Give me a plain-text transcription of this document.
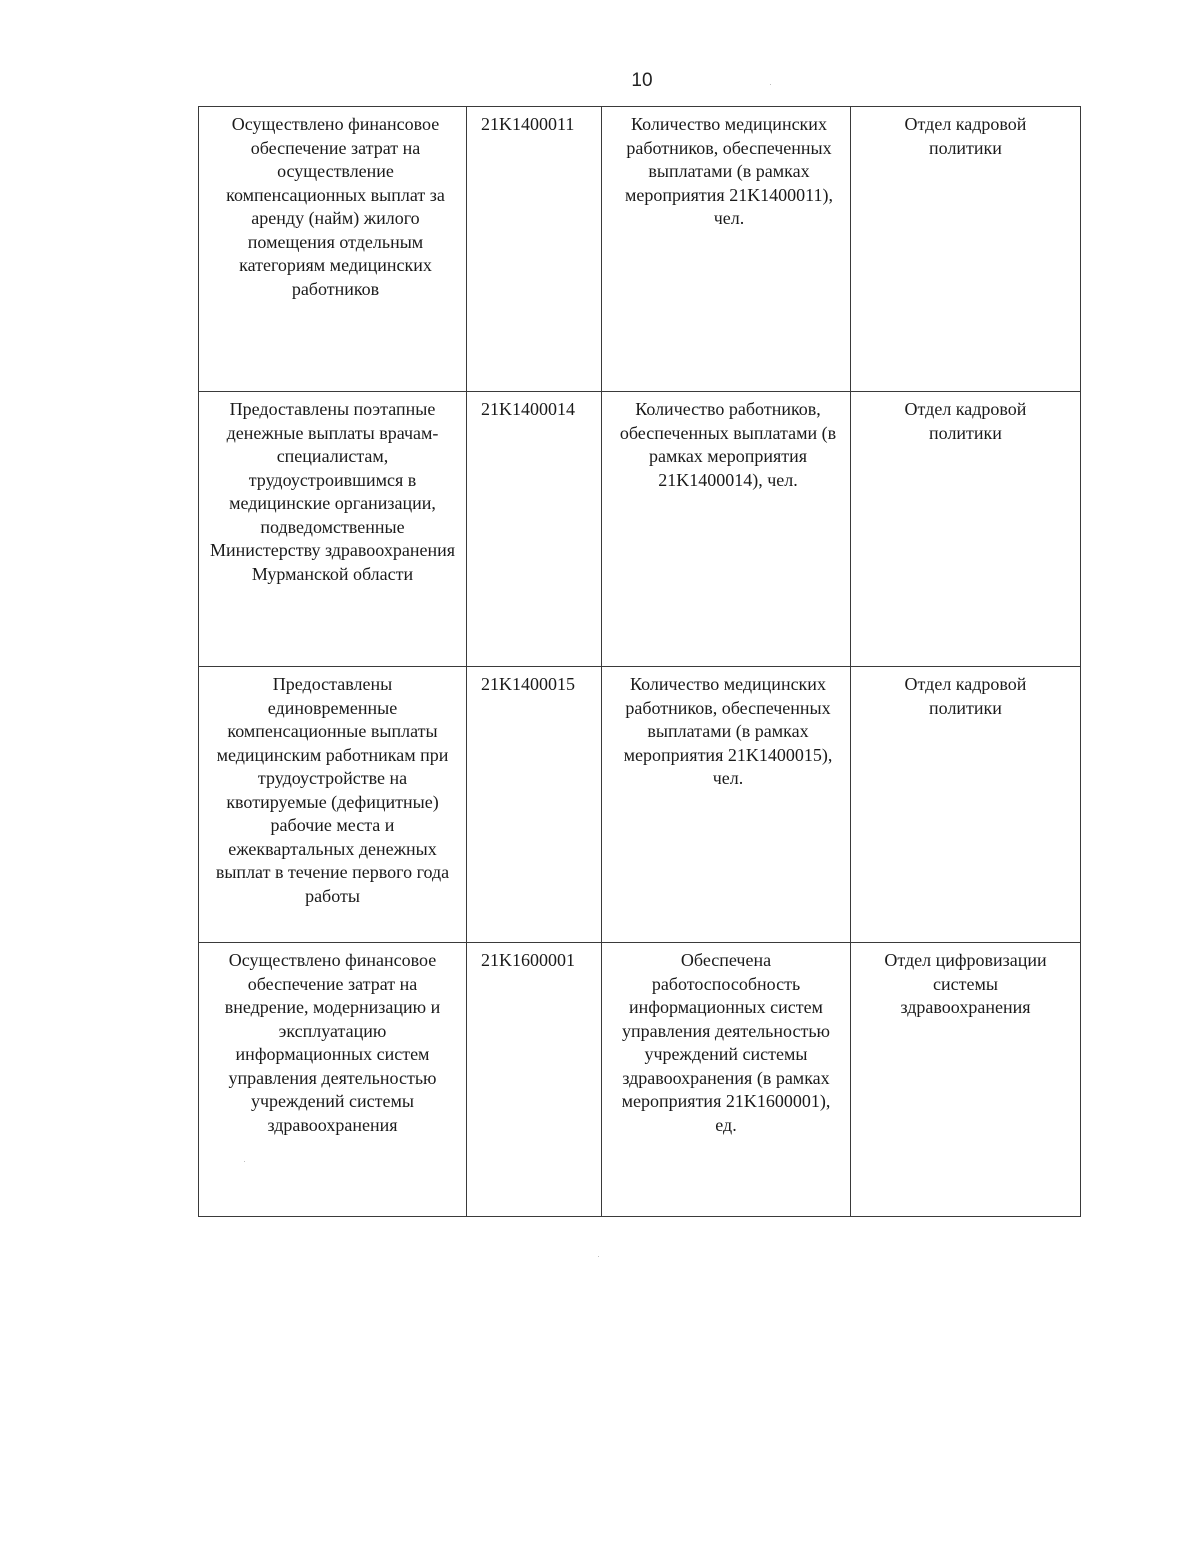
10
Осуществлено финансовое обеспечение затрат на осуществление компенсационных выплат за аренду (найм) жилого помещения отдельным категориям медицинских работников	21K1400011	Количество медицинских работников, обеспеченных выплатами (в рамках мероприятия 21K1400011), чел.	Отдел кадровой политики
Предоставлены поэтапные денежные выплаты врачам-специалистам, трудоустроившимся в медицинские организации, подведомственные Министерству здравоохранения Мурманской области	21K1400014	Количество работников, обеспеченных выплатами (в рамках мероприятия 21K1400014), чел.	Отдел кадровой политики
Предоставлены единовременные компенсационные выплаты медицинским работникам при трудоустройстве на квотируемые (дефицитные) рабочие места и ежеквартальных денежных выплат в течение первого года работы	21K1400015	Количество медицинских работников, обеспеченных выплатами (в рамках мероприятия 21K1400015), чел.	Отдел кадровой политики
Осуществлено финансовое обеспечение затрат на внедрение, модернизацию и эксплуатацию информационных систем управления деятельностью учреждений системы здравоохранения	21K1600001	Обеспечена работоспособность информационных систем управления деятельностью учреждений системы здравоохранения (в рамках мероприятия 21K1600001), ед.	Отдел цифровизации системы здравоохранения
